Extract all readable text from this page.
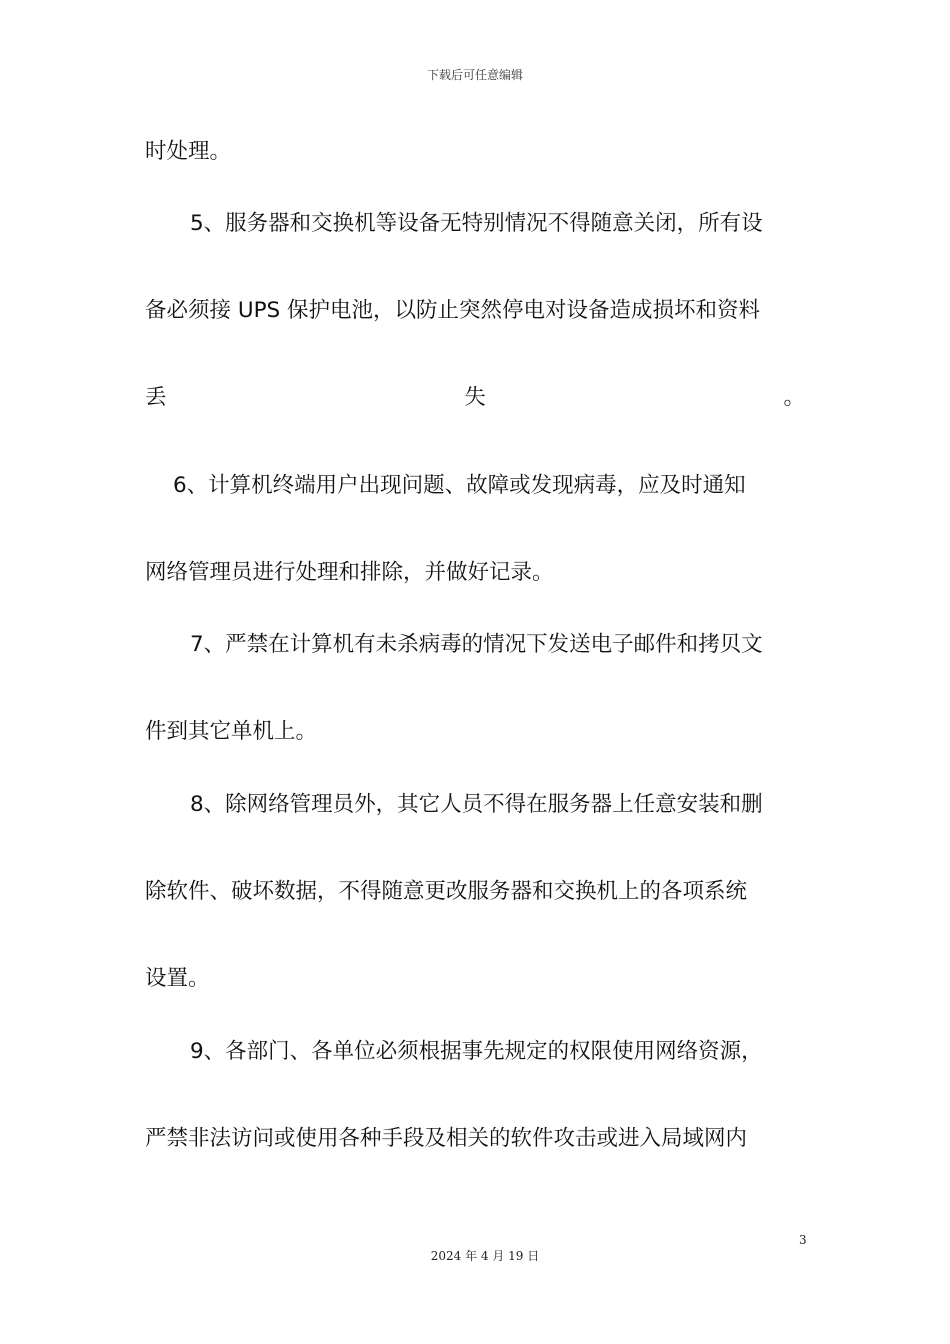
下载后可任意编辑
时处理。
5、服务器和交换机等设备无特别情况不得随意关闭，所有设
备必须接 UPS 保护电池，以防止突然停电对设备造成损坏和资料
丢	失	。
6、计算机终端用户出现问题、故障或发现病毒，应及时通知
网络管理员进行处理和排除，并做好记录。
7、严禁在计算机有未杀病毒的情况下发送电子邮件和拷贝文
件到其它单机上。
8、除网络管理员外，其它人员不得在服务器上任意安装和删
除软件、破坏数据，不得随意更改服务器和交换机上的各项系统
设置。
9、各部门、各单位必须根据事先规定的权限使用网络资源，
严禁非法访问或使用各种手段及相关的软件攻击或进入局域网内
3
2024 年 4 月 19 日
